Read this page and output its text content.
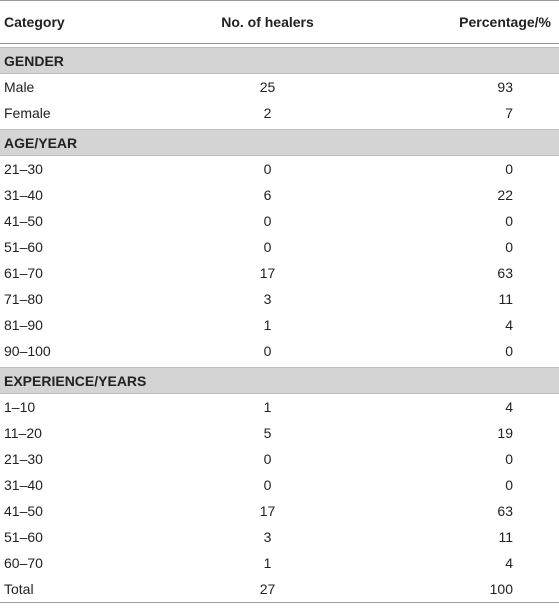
Category	No. of healers	Percentage/%

GENDER		
Male	25	93
Female	2	7

AGE/YEAR		
21–30	0	0
31–40	6	22
41–50	0	0
51–60	0	0
61–70	17	63
71–80	3	11
81–90	1	4
90–100	0	0

EXPERIENCE/YEARS		
1–10	1	4
11–20	5	19
21–30	0	0
31–40	0	0
41–50	17	63
51–60	3	11
60–70	1	4
Total	27	100
